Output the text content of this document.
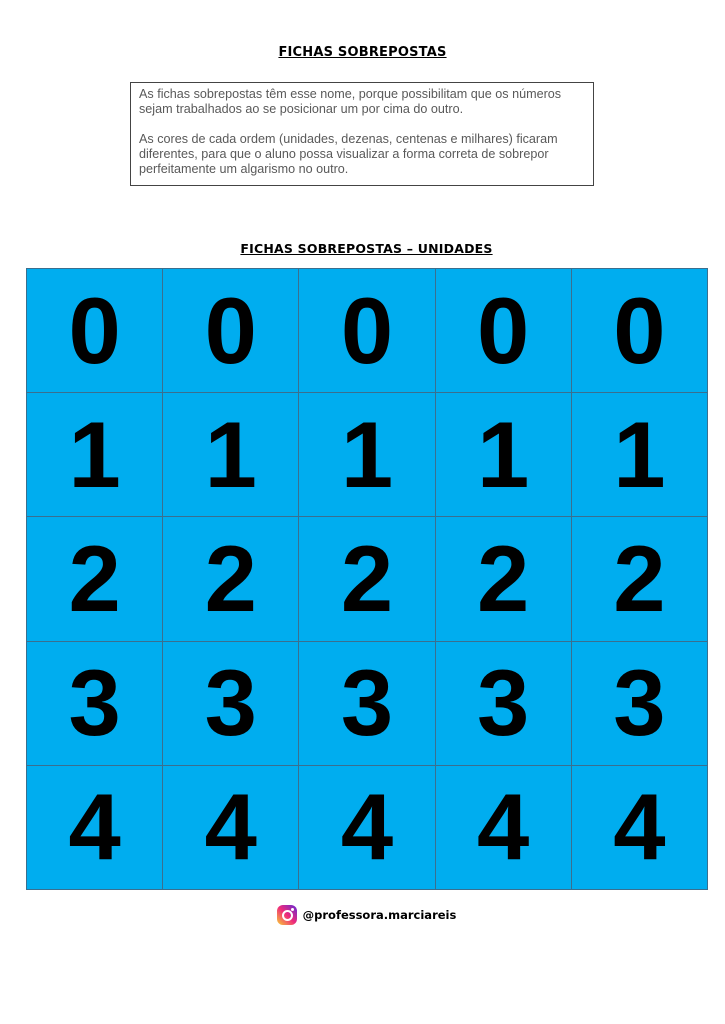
FICHAS SOBREPOSTAS

As fichas sobrepostas têm esse nome, porque possibilitam que os números sejam trabalhados ao se posicionar um por cima do outro.

As cores de cada ordem (unidades, dezenas, centenas e milhares) ficaram diferentes, para que o aluno possa visualizar a forma correta de sobrepor perfeitamente um algarismo no outro.

FICHAS SOBREPOSTAS – UNIDADES
0 0 0 0 0
1 1 1 1 1
2 2 2 2 2
3 3 3 3 3
4 4 4 4 4
@professora.marciareis
